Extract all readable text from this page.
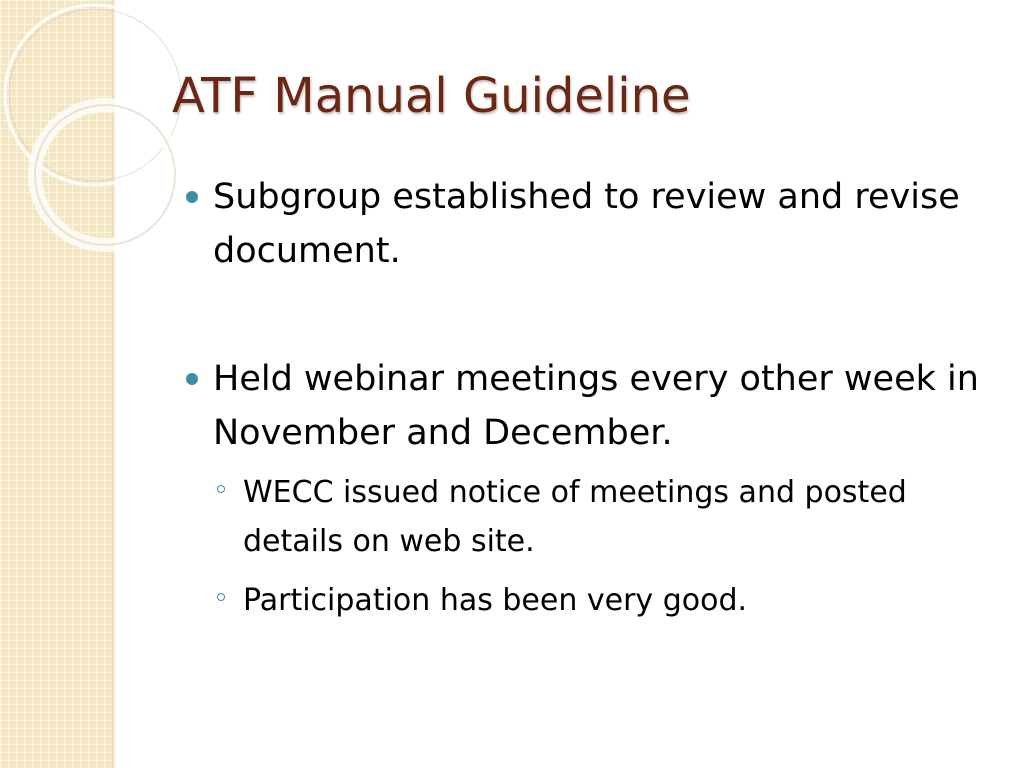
ATF Manual Guideline

Subgroup established to review and revise document.

Held webinar meetings every other week in November and December.

WECC issued notice of meetings and posted details on web site.

Participation has been very good.
